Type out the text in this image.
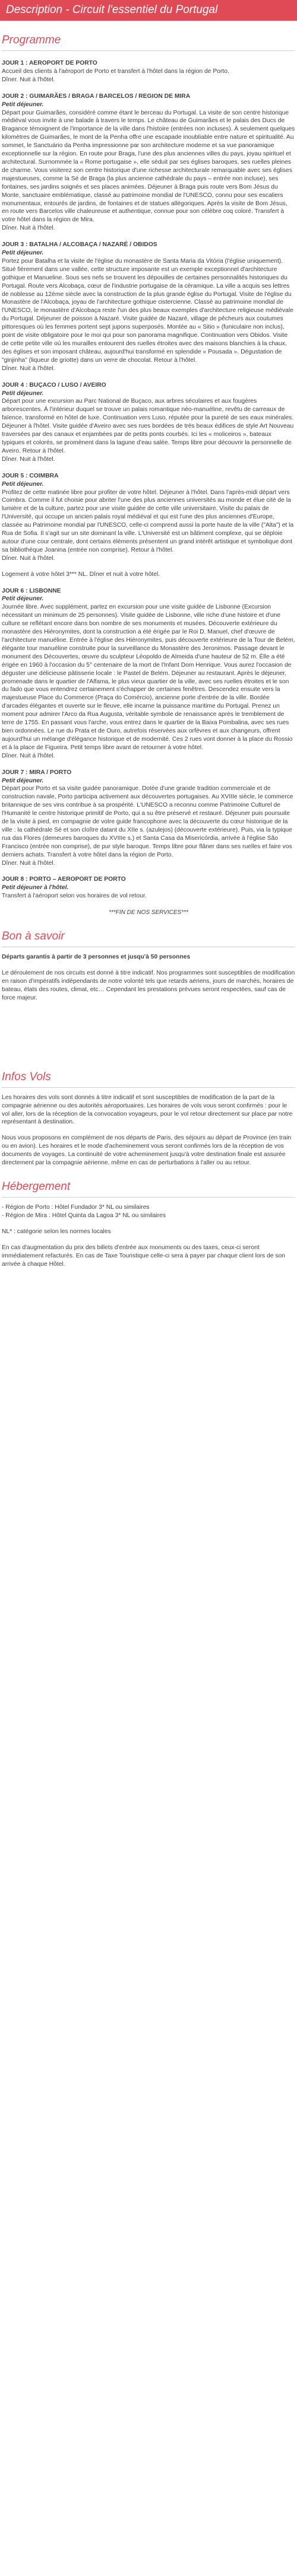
Description - Circuit l'essentiel du Portugal
Programme
JOUR 1 : AEROPORT DE PORTO

Accueil des clients à l'aéroport de Porto et transfert à l'hôtel dans la région de Porto.

Dîner. Nuit à l'hôtel.

JOUR 2 : GUIMARÃES / BRAGA / BARCELOS / REGION DE MIRA
Petit déjeuner.

Départ pour Guimarães, considéré comme étant le berceau du Portugal. La visite de son centre historique médiéval vous invite à une balade à travers le temps. Le château de Guimarães et le palais des Ducs de Bragance témoignent de l'importance de la ville dans l'histoire (entrées non incluses). À seulement quelques kilomètres de Guimarães, le mont de la Penha offre une escapade inoubliable entre nature et spiritualité. Au sommet, le Sanctuário da Penha impressionne par son architecture moderne et sa vue panoramique exceptionnelle sur la région. En route pour Braga, l'une des plus anciennes villes du pays, joyau spirituel et architectural. Surnommée la « Rome portugaise », elle séduit par ses églises baroques, ses ruelles pleines de charme. Vous visiterez son centre historique d'une richesse architecturale remarquable avec ses églises majestueuses, comme la Sé de Braga (la plus ancienne cathédrale du pays – entrée non incluse), ses fontaines, ses jardins soignés et ses places animées. Déjeuner à Braga puis route vers Bom Jésus du Monte, sanctuaire emblématique, classé au patrimoine mondial de l'UNESCO, connu pour ses escaliers monumentaux, entourés de jardins, de fontaines et de statues allégoriques. Après la visite de Bom Jésus, en route vers Barcelos ville chaleureuse et authentique, connue pour son célèbre coq coloré. Transfert à votre hôtel dans la région de Mira.

Dîner. Nuit à l'hôtel.

JOUR 3 : BATALHA / ALCOBAÇA / NAZARÉ / OBIDOS
Petit déjeuner.

Portez pour Batalha et la visite de l'église du monastère de Santa Maria da Vitória (l'église uniquement). Situé fièrement dans une vallée, cette structure imposante est un exemple exceptionnel d'architecture gothique et Manueline. Sous ses nefs se trouvent les dépouilles de certaines personnalités historiques du Portugal. Route vers Alcobaça, cœur de l'industrie portugaise de la céramique. La ville a acquis ses lettres de noblesse au 12ème siècle avec la construction de la plus grande église du Portugal. Visite de l'église du Monastère de l'Alcobaça, joyau de l'architecture gothique cistercienne. Classé au patrimoine mondial de l'UNESCO, le monastère d'Alcobaça reste l'un des plus beaux exemples d'architecture religieuse médiévale du Portugal. Déjeuner de poisson à Nazaré. Visite guidée de Nazaré, village de pêcheurs aux coutumes pittoresques où les femmes portent sept jupons superposés. Montée au « Sitio » (funiculaire non inclus), point de visite obligatoire pour le moi qui pour son panorama magnifique. Continuation vers Obidos. Visite de cette petite ville où les murailles entourent des ruelles étroites avec des maisons blanchies à la chaux, des églises et son imposant château, aujourd'hui transformé en splendide « Pousada ». Dégustation de "ginjinha" (liqueur de griotte) dans un verre de chocolat. Retour à l'hôtel.

Dîner. Nuit à l'hôtel.

JOUR 4 : BUÇACO / LUSO / AVEIRO
Petit déjeuner.

Départ pour une excursion au Parc National de Buçaco, aux arbres séculaires et aux fougères arborescentes. À l'intérieur duquel se trouve un palais romantique néo-manuéline, revêtu de carreaux de faïence, transformé en hôtel de luxe. Continuation vers Luso, réputée pour la pureté de ses eaux minérales. Déjeuner à l'hôtel. Visite guidée d'Aveiro avec ses rues bordées de très beaux édifices de style Art Nouveau traversées par des canaux et enjambées par de petits ponts courbés. Ici les « moliceiros », bateaux typiques et colorés, se promènent dans la lagune d'eau salée. Temps libre pour découvrir la personnelle de Aveiro. Retour à l'hôtel.

Dîner. Nuit à l'hôtel.

JOUR 5 : COIMBRA
Petit déjeuner.

Profitez de cette matinée libre pour profiter de votre hôtel. Déjeuner à l'hôtel. Dans l'après-midi départ vers Coimbra. Comme il fut choisie pour abriter l'une des plus anciennes universités au monde et élue cité de la lumière et de la culture, partez pour une visite guidée de cette ville universitaire. Visite du palais de l'Université, qui occupe un ancien palais royal médiéval et qui est l'une des plus anciennes d'Europe, classée au Patrimoine mondial par l'UNESCO, celle-ci comprend aussi la porte haute de la ville ("Alta") et la Rua de Sofia. Il s'agit sur un site dominant la ville. L'Université est un bâtiment complexe, qui se déploie autour d'une cour centrale, dont certains éléments présentent un grand intérêt artistique et symbolique dont sa bibliothèque Joanina (entrée non comprise). Retour à l'hôtel.

Dîner. Nuit à l'hôtel.

Logement à votre hôtel 3*** NL. Dîner et nuit à votre hôtel.

JOUR 6 : LISBONNE
Petit déjeuner.

Journée libre. Avec supplément, partez en excursion pour une visite guidée de Lisbonne (Excursion nécessitant un minimum de 25 personnes). Visite guidée de Lisbonne, ville riche d'une histoire et d'une culture se reflétant encore dans bon nombre de ses monuments et musées. Découverte extérieure du monastère des Hiéronymites, dont la construction a été érigée par le Roi D. Manuel, chef d'œuvre de l'architecture manuéline. Entrée à l'église des Hiéronymites, puis découverte extérieure de la Tour de Belém, élégante tour manuéline construite pour la surveillance du Monastère des Jeronimos. Passage devant le monument des Découvertes, œuvre du sculpteur Léopoldo de Almeida d'une hauteur de 52 m. Élle a été érigée en 1960 à l'occasion du 5° centenaire de la mort de l'Infant Dom Henrique. Vous aurez l'occasion de déguster une délicieuse pâtisserie locale : le Pastel de Belém. Déjeuner au restaurant. Après le déjeuner, promenade dans le quartier de l'Alfama, le plus vieux quartier de la ville, avec ses ruelles étroites et le son du fado que vous entendrez certainement s'échapper de certaines fenêtres. Descendez ensuite vers la majestueuse Place du Commerce (Praça do Comércio), ancienne porte d'entrée de la ville. Bordée d'arcades élégantes et ouverte sur le fleuve, elle incarne la puissance maritime du Portugal. Prenez un moment pour admirer l'Arco da Rua Augusta, véritable symbole de renaissance après le tremblement de terre de 1755. En passant vous l'arche, vous entrez dans le quartier de la Baixa Pombalina, avec ses rues bien ordonnées. Le rue du Prata et de Ouro, autrefois réservées aux orfèvres et aux changeurs, offrent aujourd'hui un mélange d'élégance historique et de modernité. Ces 2 rues vont donner à la place du Rossio et à la place de Figueira. Petit temps libre avant de retourner à votre hôtel.

Dîner. Nuit à l'hôtel.

JOUR 7 : MIRA / PORTO
Petit déjeuner.

Départ pour Porto et sa visite guidée panoramique. Dotée d'une grande tradition commerciale et de construction navale, Porto participa activement aux découvertes portugaises. Au XVIIIe siècle, le commerce britannique de ses vins contribue à sa prospérité. L'UNESCO a reconnu comme Patrimoine Culturel de l'Humanité le centre historique primitif de Porto, qui a su être préservé et restauré. Déjeuner puis poursuite de la visite à pied, en compagnie de votre guide francophone avec la découverte du cœur historique de la ville : la cathédrale Sé et son cloître datant du XIIe s. (azulejos) (découverte extérieure). Puis, via la typique rua das Flores (demeures baroques du XVIIIe s.) et Santa Casa da Misericórdia, arrivée à l'église São Francisco (entrée non comprise), de pur style baroque. Temps libre pour flâner dans ses ruelles et faire vos derniers achats. Transfert à votre hôtel dans la région de Porto.

Dîner. Nuit à l'hôtel.

JOUR 8 : PORTO – AEROPORT DE PORTO
Petit déjeuner à l'hôtel.

Transfert à l'aéroport selon vos horaires de vol retour.

***FIN DE NOS SERVICES***
Bon à savoir

Départs garantis à partir de 3 personnes et jusqu'à 50 personnes

Le déroulement de nos circuits est donné à titre indicatif. Nos programmes sont susceptibles de modification en raison d'impératifs indépendants de notre volonté tels que retards aériens, jours de marchés, horaires de bateau, états des routes, climat, etc… Cependant les prestations prévues seront respectées, sauf cas de force majeur.

Infos Vols

Les horaires des vols sont donnés à titre indicatif et sont susceptibles de modification de la part de la compagnie aérienne ou des autorités aéroportuaires. Les horaires de vols vous seront confirmés : pour le vol aller, lors de la réception de la convocation voyageurs, pour le vol retour directement sur place par notre représentant à destination.

Nous vous proposons en complément de nos départs de Paris, des séjours au départ de Province (en train ou en avion). Les horaires et le mode d'acheminement vous seront confirmés lors de la réception de vos documents de voyages. La continuité de votre acheminement jusqu'à votre destination finale est assurée directement par la compagnie aérienne, même en cas de perturbations à l'aller ou au retour.

Hébergement

- Région de Porto : Hôtel Fundador 3* NL ou similaires

- Région de Mira : Hôtel Quinta da Lagoa 3* NL ou similaires

NL* : catégorie selon les normes locales

En cas d'augmentation du prix des billets d'entrée aux monuments ou des taxes, ceux-ci seront immédiatement refacturés. En cas de Taxe Touristique celle-ci sera à payer par chaque client lors de son arrivée à chaque Hôtel.
